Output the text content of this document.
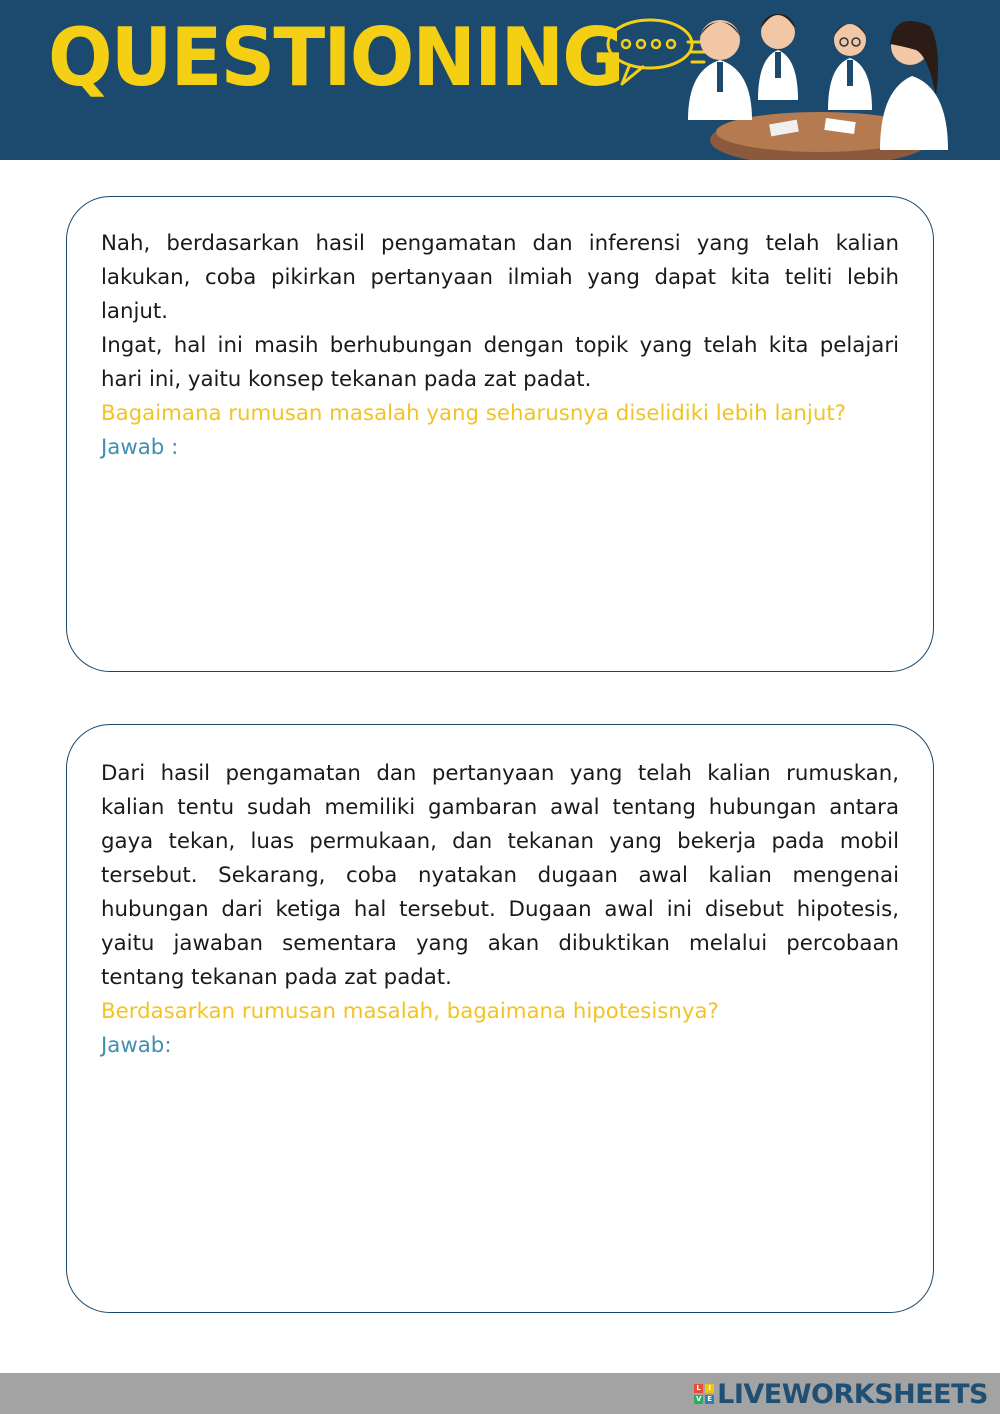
QUESTIONING

Nah, berdasarkan hasil pengamatan dan inferensi yang telah kalian lakukan, coba pikirkan pertanyaan ilmiah yang dapat kita teliti lebih lanjut.

Ingat, hal ini masih berhubungan dengan topik yang telah kita pelajari hari ini, yaitu konsep tekanan pada zat padat.

Bagaimana rumusan masalah yang seharusnya diselidiki lebih lanjut?

Jawab :

Dari hasil pengamatan dan pertanyaan yang telah kalian rumuskan, kalian tentu sudah memiliki gambaran awal tentang hubungan antara gaya tekan, luas permukaan, dan tekanan yang bekerja pada mobil tersebut. Sekarang, coba nyatakan dugaan awal kalian mengenai hubungan dari ketiga hal tersebut. Dugaan awal ini disebut hipotesis, yaitu jawaban sementara yang akan dibuktikan melalui percobaan tentang tekanan pada zat padat.

Berdasarkan rumusan masalah, bagaimana hipotesisnya?

Jawab:

L	I
V E LIVEWORKSHEETS
